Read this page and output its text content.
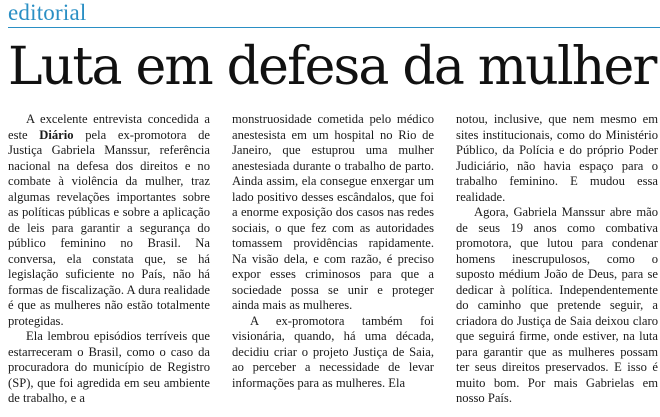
editorial
Luta em defesa da mulher

A excelente entrevista concedida a este Diário pela ex-promotora de Justiça Gabriela Manssur, referência nacional na defesa dos direitos e no combate à violência da mulher, traz algumas revelações importantes sobre as políticas públicas e sobre a aplicação de leis para garantir a segurança do público feminino no Brasil. Na conversa, ela constata que, se há legislação suficiente no País, não há formas de fiscalização. A dura realidade é que as mulheres não estão totalmente protegidas.

Ela lembrou episódios terríveis que estarreceram o Brasil, como o caso da procuradora do município de Registro (SP), que foi agredida em seu ambiente de trabalho, e a

monstruosidade cometida pelo médico anestesista em um hospital no Rio de Janeiro, que estuprou uma mulher anestesiada durante o trabalho de parto. Ainda assim, ela consegue enxergar um lado positivo desses escândalos, que foi a enorme exposição dos casos nas redes sociais, o que fez com as autoridades tomassem providências rapidamente. Na visão dela, e com razão, é preciso expor esses criminosos para que a sociedade possa se unir e proteger ainda mais as mulheres.

A ex-promotora também foi visionária, quando, há uma década, decidiu criar o projeto Justiça de Saia, ao perceber a necessidade de levar informações para as mulheres. Ela

notou, inclusive, que nem mesmo em sites institucionais, como do Ministério Público, da Polícia e do próprio Poder Judiciário, não havia espaço para o trabalho feminino. E mudou essa realidade.

Agora, Gabriela Manssur abre mão de seus 19 anos como combativa promotora, que lutou para condenar homens inescrupulosos, como o suposto médium João de Deus, para se dedicar à política. Independentemente do caminho que pretende seguir, a criadora do Justiça de Saia deixou claro que seguirá firme, onde estiver, na luta para garantir que as mulheres possam ter seus direitos preservados. E isso é muito bom. Por mais Gabrielas em nosso País.
